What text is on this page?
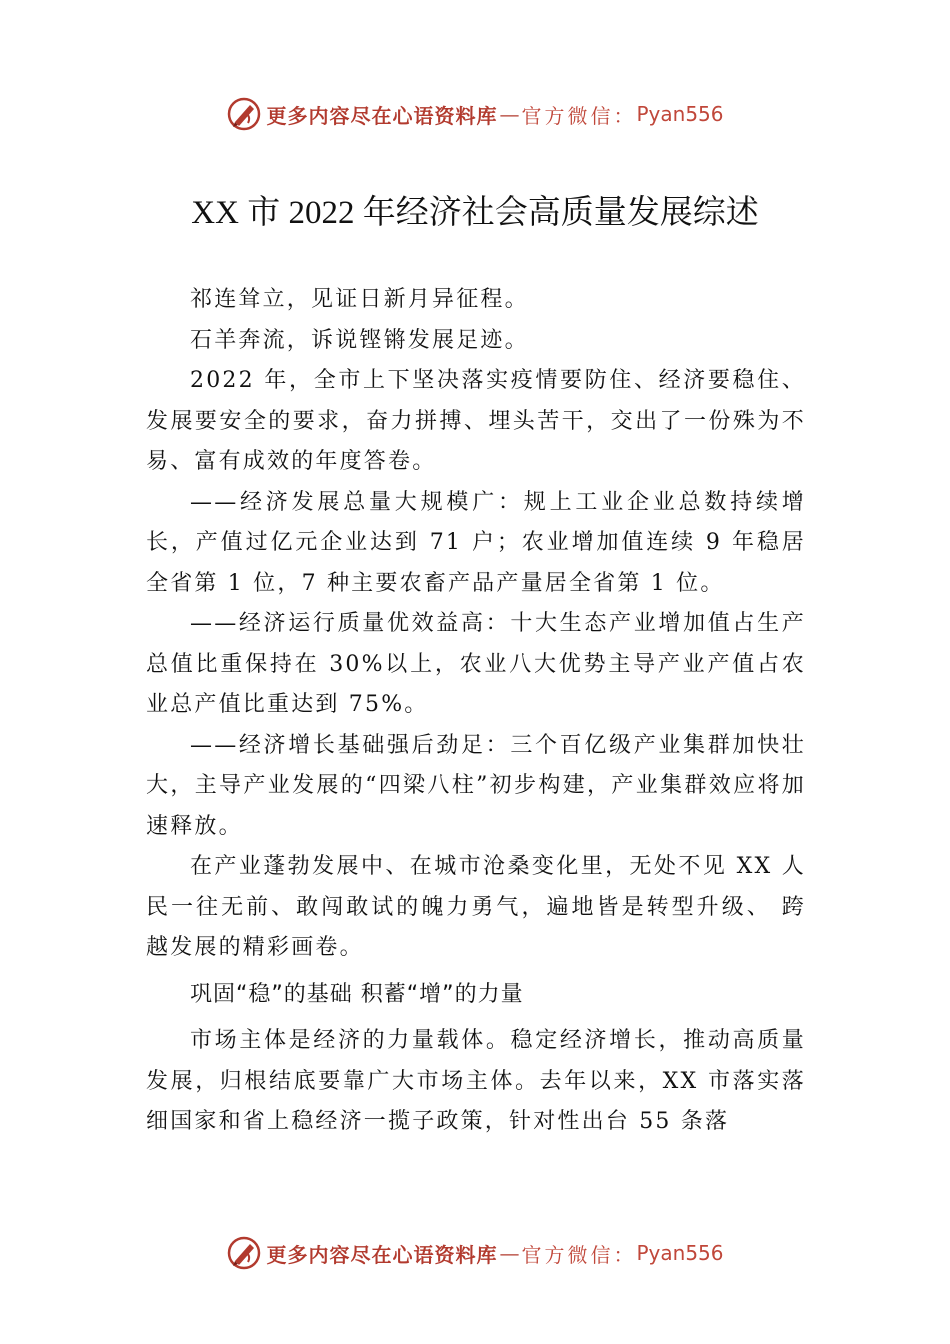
更多内容尽在心语资料库 — 官方微信： Pyan556
XX 市 2022 年经济社会高质量发展综述

祁连耸立，见证日新月异征程。

石羊奔流，诉说铿锵发展足迹。

2022 年，全市上下坚决落实疫情要防住、经济要稳住、发展要安全的要求，奋力拼搏、埋头苦干，交出了一份殊为不易、富有成效的年度答卷。

——经济发展总量大规模广：规上工业企业总数持续增长，产值过亿元企业达到 71 户；农业增加值连续 9 年稳居全省第 1 位，7 种主要农畜产品产量居全省第 1 位。

——经济运行质量优效益高：十大生态产业增加值占生产总值比重保持在 30%以上，农业八大优势主导产业产值占农业总产值比重达到 75%。

——经济增长基础强后劲足：三个百亿级产业集群加快壮大，主导产业发展的“四梁八柱”初步构建，产业集群效应将加速释放。

在产业蓬勃发展中、在城市沧桑变化里，无处不见 XX 人民一往无前、敢闯敢试的魄力勇气，遍地皆是转型升级、 跨越发展的精彩画卷。

巩固“稳”的基础 积蓄“增”的力量

市场主体是经济的力量载体。稳定经济增长，推动高质量发展，归根结底要靠广大市场主体。去年以来，XX 市落实落细国家和省上稳经济一揽子政策，针对性出台 55 条落

更多内容尽在心语资料库 — 官方微信： Pyan556
